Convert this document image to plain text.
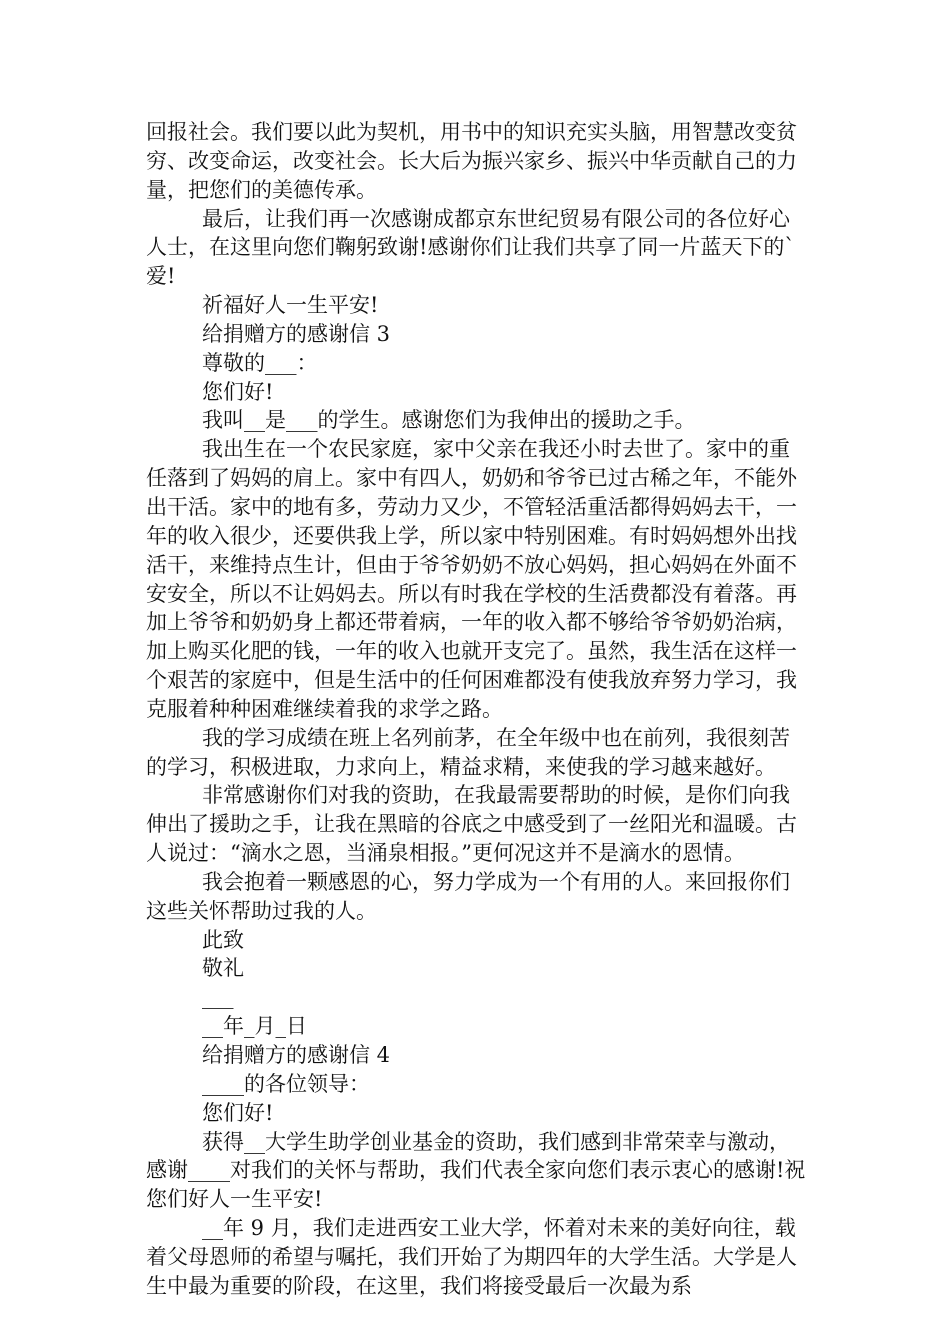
回报社会。我们要以此为契机，用书中的知识充实头脑，用智慧改变贫穷、改变命运，改变社会。长大后为振兴家乡、振兴中华贡献自己的力量，把您们的美德传承。

最后，让我们再一次感谢成都京东世纪贸易有限公司的各位好心人士，在这里向您们鞠躬致谢!感谢你们让我们共享了同一片蓝天下的`爱!

祈福好人一生平安!

给捐赠方的感谢信 3

尊敬的___：

您们好!

我叫__是___的学生。感谢您们为我伸出的援助之手。

我出生在一个农民家庭，家中父亲在我还小时去世了。家中的重任落到了妈妈的肩上。家中有四人，奶奶和爷爷已过古稀之年，不能外出干活。家中的地有多，劳动力又少，不管轻活重活都得妈妈去干，一年的收入很少，还要供我上学，所以家中特别困难。有时妈妈想外出找活干，来维持点生计，但由于爷爷奶奶不放心妈妈，担心妈妈在外面不安安全，所以不让妈妈去。所以有时我在学校的生活费都没有着落。再加上爷爷和奶奶身上都还带着病，一年的收入都不够给爷爷奶奶治病，加上购买化肥的钱，一年的收入也就开支完了。虽然，我生活在这样一个艰苦的家庭中，但是生活中的任何困难都没有使我放弃努力学习，我克服着种种困难继续着我的求学之路。

我的学习成绩在班上名列前茅，在全年级中也在前列，我很刻苦的学习，积极进取，力求向上，精益求精，来使我的学习越来越好。

非常感谢你们对我的资助，在我最需要帮助的时候，是你们向我伸出了援助之手，让我在黑暗的谷底之中感受到了一丝阳光和温暖。古人说过：“滴水之恩，当涌泉相报。”更何况这并不是滴水的恩情。

我会抱着一颗感恩的心，努力学成为一个有用的人。来回报你们这些关怀帮助过我的人。

此致

敬礼

___

__年_月_日

给捐赠方的感谢信 4

____的各位领导：

您们好!

获得__大学生助学创业基金的资助，我们感到非常荣幸与激动，感谢____对我们的关怀与帮助，我们代表全家向您们表示衷心的感谢!祝您们好人一生平安!

__年 9 月，我们走进西安工业大学，怀着对未来的美好向往，载着父母恩师的希望与嘱托，我们开始了为期四年的大学生活。大学是人生中最为重要的阶段，在这里，我们将接受最后一次最为系
